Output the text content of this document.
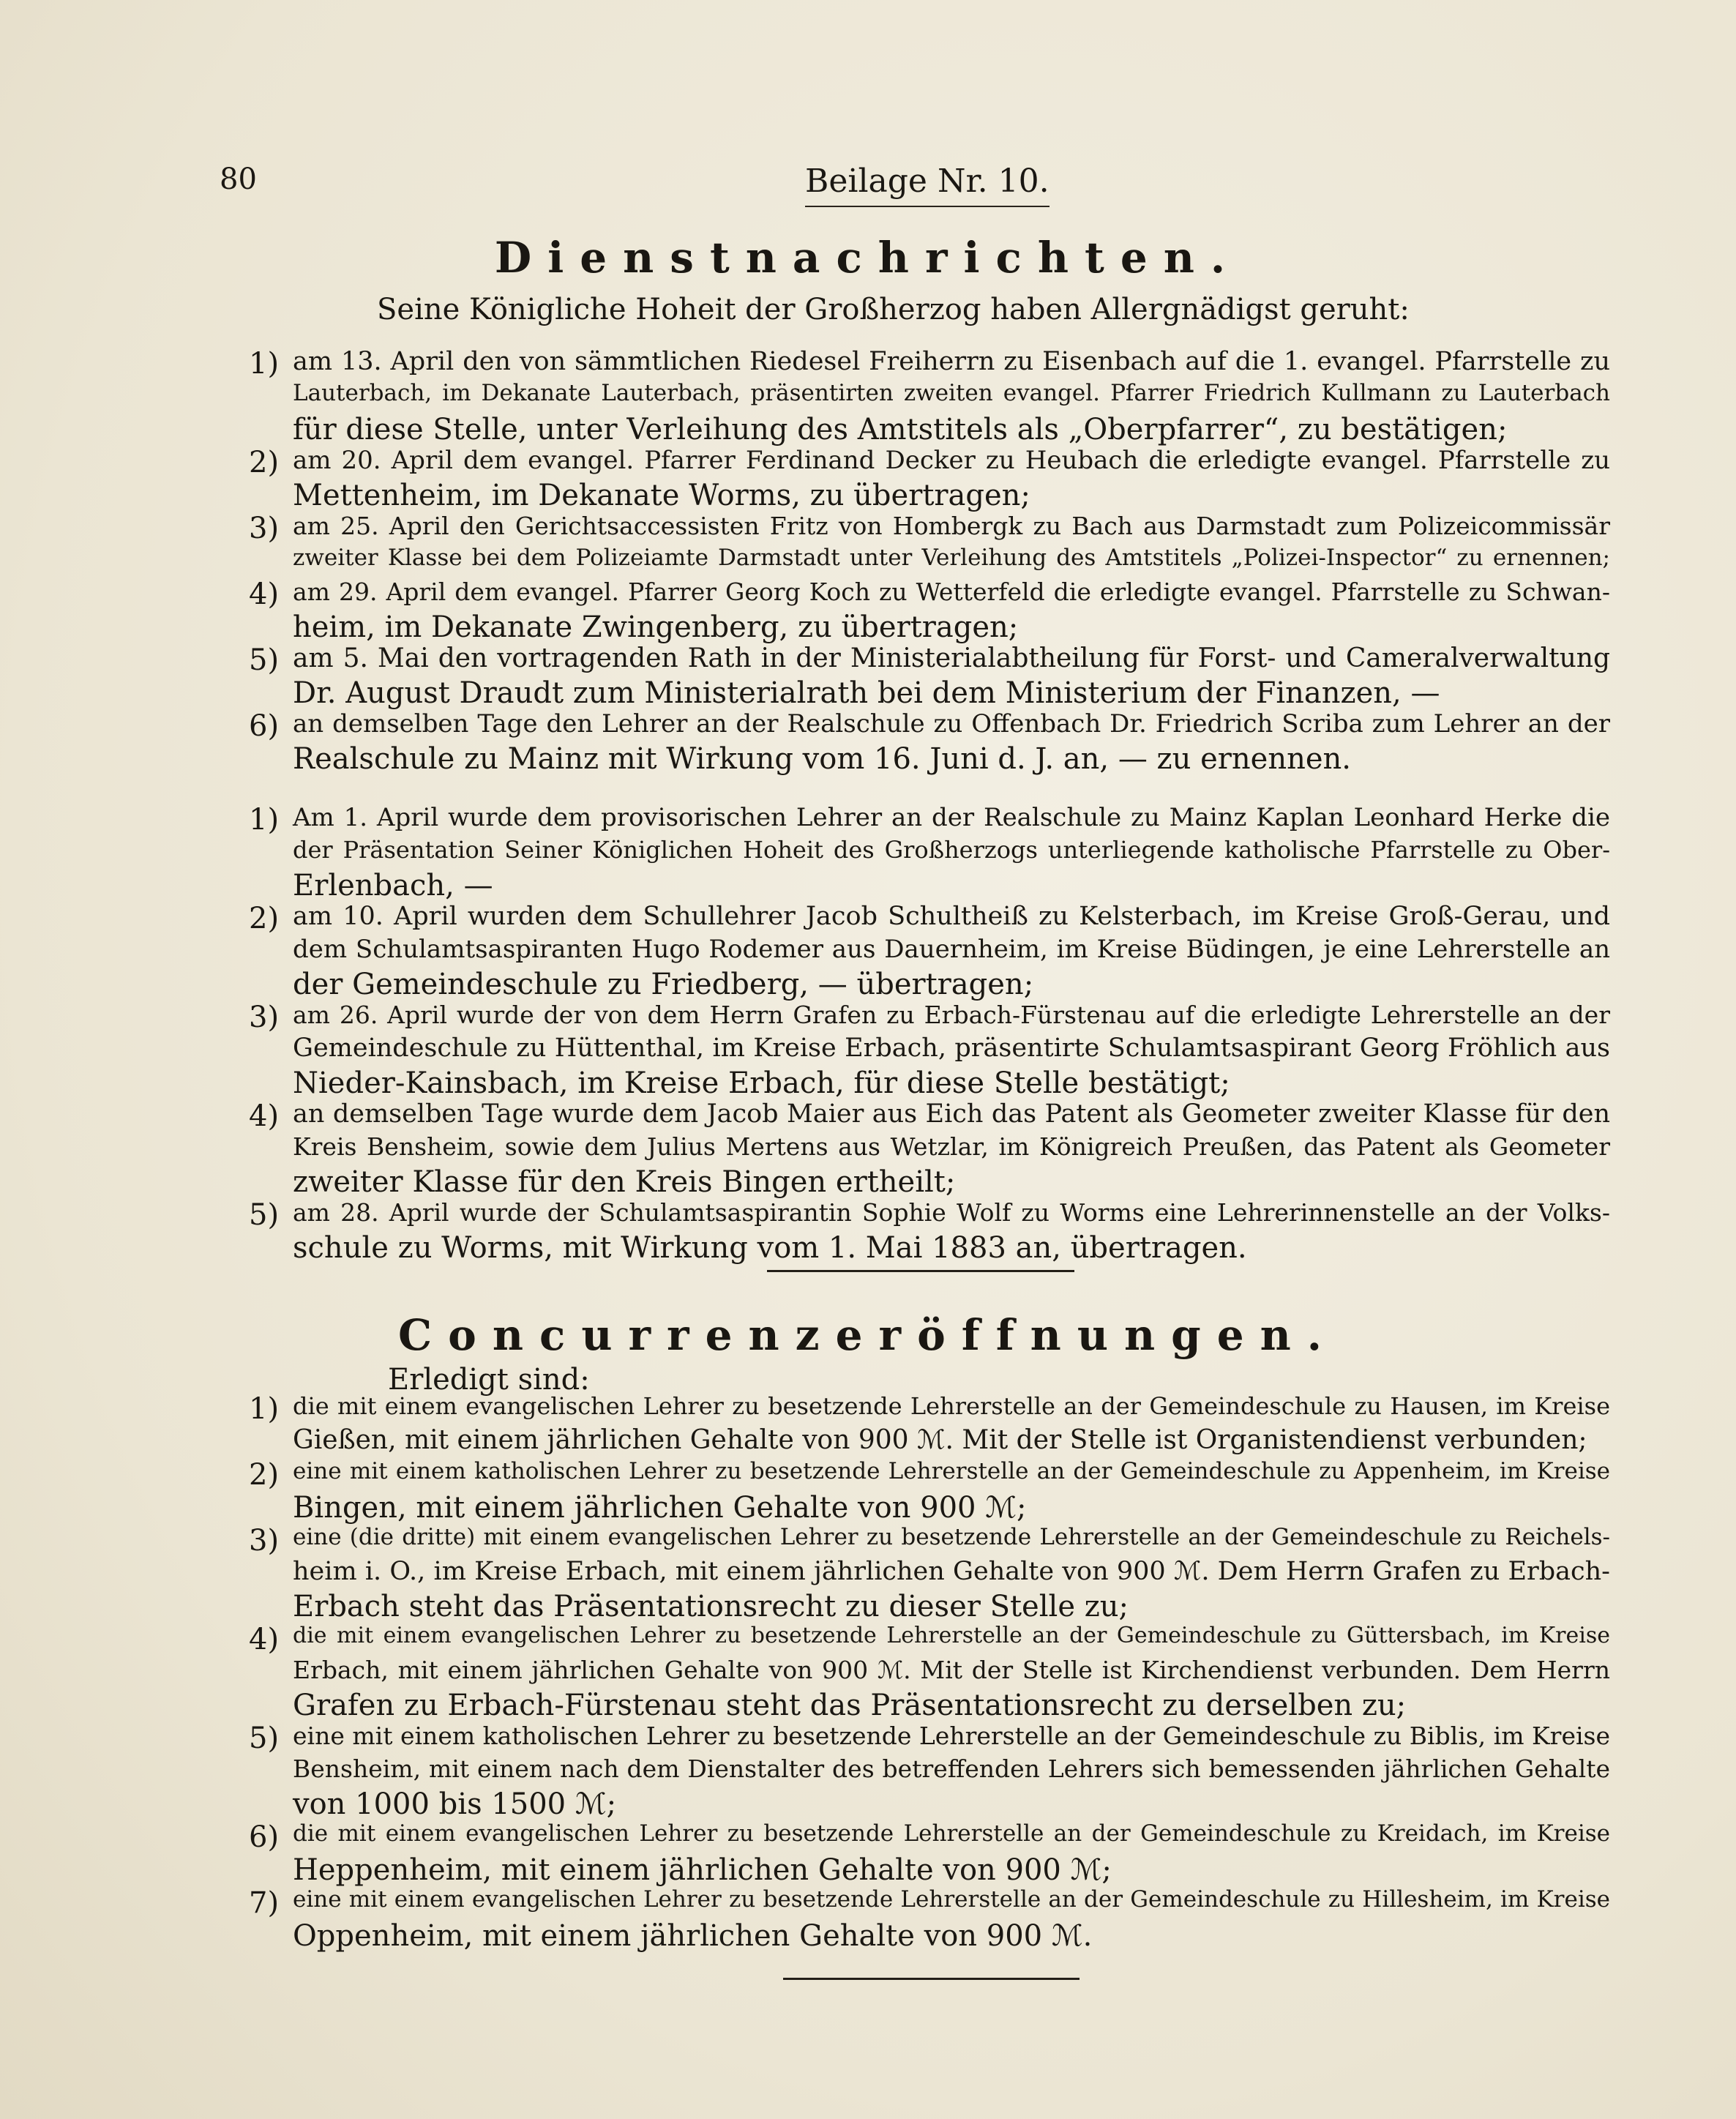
80	Beilage Nr. 10.
Dienstnachrichten.
Seine Königliche Hoheit der Großherzog haben Allergnädigst geruht:
1) am 13. April den von sämmtlichen Riedesel Freiherrn zu Eisenbach auf die 1. evangel. Pfarrstelle zu
Lauterbach, im Dekanate Lauterbach, präsentirten zweiten evangel. Pfarrer Friedrich Kullmann zu Lauterbach
für diese Stelle, unter Verleihung des Amtstitels als „Oberpfarrer“, zu bestätigen;
2) am 20. April dem evangel. Pfarrer Ferdinand Decker zu Heubach die erledigte evangel. Pfarrstelle zu
Mettenheim, im Dekanate Worms, zu übertragen;
3) am 25. April den Gerichtsaccessisten Fritz von Hombergk zu Bach aus Darmstadt zum Polizeicommissär
zweiter Klasse bei dem Polizeiamte Darmstadt unter Verleihung des Amtstitels „Polizei-Inspector“ zu ernennen;
4) am 29. April dem evangel. Pfarrer Georg Koch zu Wetterfeld die erledigte evangel. Pfarrstelle zu Schwan-
heim, im Dekanate Zwingenberg, zu übertragen;
5) am 5. Mai den vortragenden Rath in der Ministerialabtheilung für Forst- und Cameralverwaltung
Dr. August Draudt zum Ministerialrath bei dem Ministerium der Finanzen, —
6) an demselben Tage den Lehrer an der Realschule zu Offenbach Dr. Friedrich Scriba zum Lehrer an der
Realschule zu Mainz mit Wirkung vom 16. Juni d. J. an, — zu ernennen.
1) Am 1. April wurde dem provisorischen Lehrer an der Realschule zu Mainz Kaplan Leonhard Herke die
der Präsentation Seiner Königlichen Hoheit des Großherzogs unterliegende katholische Pfarrstelle zu Ober-
Erlenbach, —
2) am 10. April wurden dem Schullehrer Jacob Schultheiß zu Kelsterbach, im Kreise Groß-Gerau, und
dem Schulamtsaspiranten Hugo Rodemer aus Dauernheim, im Kreise Büdingen, je eine Lehrerstelle an
der Gemeindeschule zu Friedberg, — übertragen;
3) am 26. April wurde der von dem Herrn Grafen zu Erbach-Fürstenau auf die erledigte Lehrerstelle an der
Gemeindeschule zu Hüttenthal, im Kreise Erbach, präsentirte Schulamtsaspirant Georg Fröhlich aus
Nieder-Kainsbach, im Kreise Erbach, für diese Stelle bestätigt;
4) an demselben Tage wurde dem Jacob Maier aus Eich das Patent als Geometer zweiter Klasse für den
Kreis Bensheim, sowie dem Julius Mertens aus Wetzlar, im Königreich Preußen, das Patent als Geometer
zweiter Klasse für den Kreis Bingen ertheilt;
5) am 28. April wurde der Schulamtsaspirantin Sophie Wolf zu Worms eine Lehrerinnenstelle an der Volks-
schule zu Worms, mit Wirkung vom 1. Mai 1883 an, übertragen.
Concurrenzeröffnungen.
Erledigt sind:
1) die mit einem evangelischen Lehrer zu besetzende Lehrerstelle an der Gemeindeschule zu Hausen, im Kreise
Gießen, mit einem jährlichen Gehalte von 900 ℳ. Mit der Stelle ist Organistendienst verbunden;
2) eine mit einem katholischen Lehrer zu besetzende Lehrerstelle an der Gemeindeschule zu Appenheim, im Kreise
Bingen, mit einem jährlichen Gehalte von 900 ℳ;
3) eine (die dritte) mit einem evangelischen Lehrer zu besetzende Lehrerstelle an der Gemeindeschule zu Reichels-
heim i. O., im Kreise Erbach, mit einem jährlichen Gehalte von 900 ℳ. Dem Herrn Grafen zu Erbach-
Erbach steht das Präsentationsrecht zu dieser Stelle zu;
4) die mit einem evangelischen Lehrer zu besetzende Lehrerstelle an der Gemeindeschule zu Güttersbach, im Kreise
Erbach, mit einem jährlichen Gehalte von 900 ℳ. Mit der Stelle ist Kirchendienst verbunden. Dem Herrn
Grafen zu Erbach-Fürstenau steht das Präsentationsrecht zu derselben zu;
5) eine mit einem katholischen Lehrer zu besetzende Lehrerstelle an der Gemeindeschule zu Biblis, im Kreise
Bensheim, mit einem nach dem Dienstalter des betreffenden Lehrers sich bemessenden jährlichen Gehalte
von 1000 bis 1500 ℳ;
6) die mit einem evangelischen Lehrer zu besetzende Lehrerstelle an der Gemeindeschule zu Kreidach, im Kreise
Heppenheim, mit einem jährlichen Gehalte von 900 ℳ;
7) eine mit einem evangelischen Lehrer zu besetzende Lehrerstelle an der Gemeindeschule zu Hillesheim, im Kreise
Oppenheim, mit einem jährlichen Gehalte von 900 ℳ.
